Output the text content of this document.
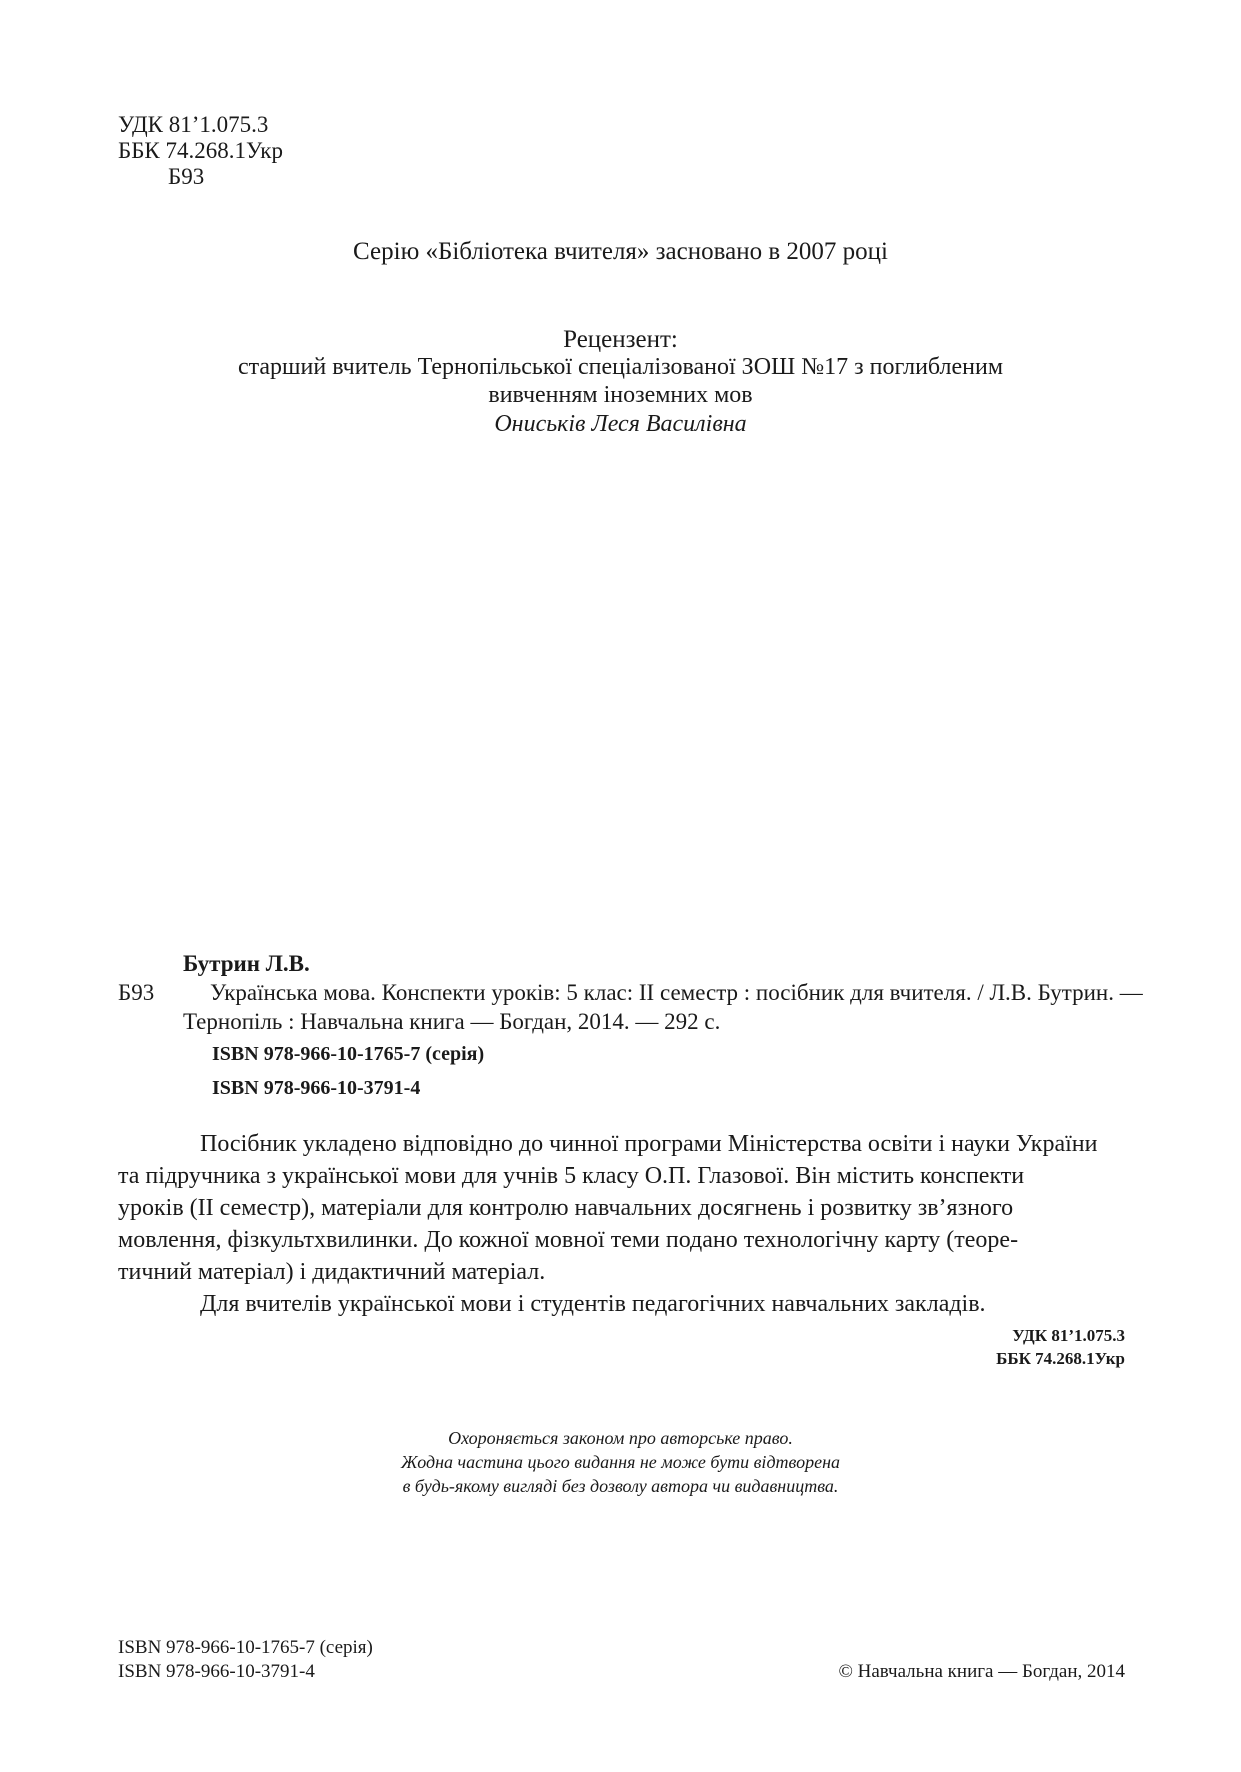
УДК 81’1.075.3
ББК 74.268.1Укр
Б93
Серію «Бібліотека вчителя» засновано в 2007 році
Рецензент:
старший вчитель Тернопільської спеціалізованої ЗОШ №17 з поглибленим
вивченням іноземних мов
Oниськів Леся Василівна
Бутрин Л.В.
Б93 Українська мова. Конспекти уроків: 5 клас: II семестр : посібник для вчителя. / Л.В. Бутрин. —
Тернопіль : Навчальна книга — Богдан, 2014. — 292 с.
ISBN 978-966-10-1765-7 (серія)
ISBN 978-966-10-3791-4
Посібник укладено відповідно до чинної програми Міністерства освіти і науки України
та підручника з української мови для учнів 5 класу О.П. Глазової. Він містить конспекти
уроків (II семестр), матеріали для контролю навчальних досягнень і розвитку зв’язного
мовлення, фізкультхвилинки. До кожної мовної теми подано технологічну карту (теоре-
тичний матеріал) і дидактичний матеріал.
Для вчителів української мови і студентів педагогічних навчальних закладів.
УДК 81’1.075.3
ББК 74.268.1Укр
Охороняється законом про авторське право.
Жодна частина цього видання не може бути відтворена
в будь-якому вигляді без дозволу автора чи видавництва.
ISBN 978-966-10-1765-7 (серія)
ISBN 978-966-10-3791-4	© Навчальна книга — Богдан, 2014
